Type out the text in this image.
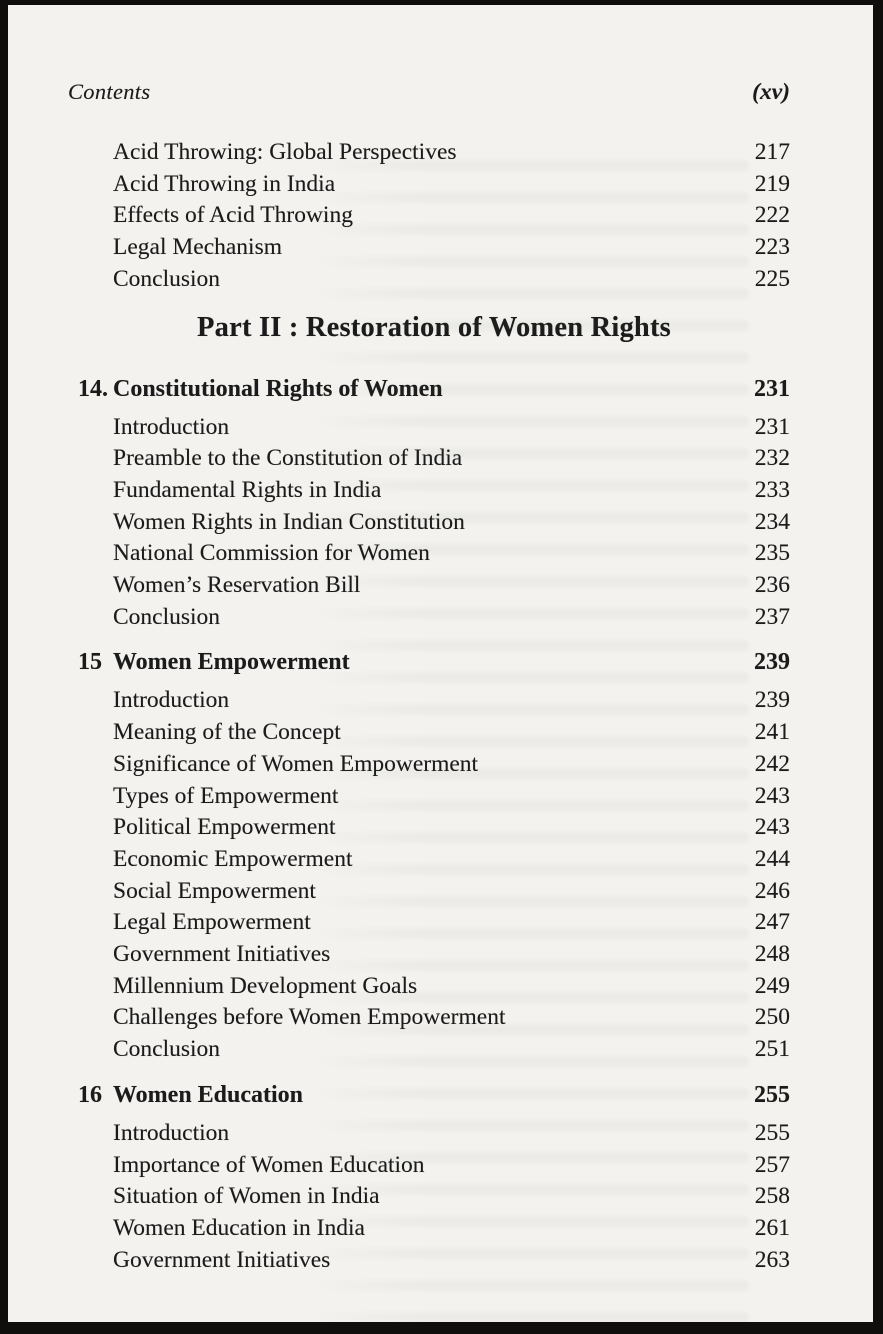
Contents	(xv)
Acid Throwing: Global Perspectives	217
Acid Throwing in India	219
Effects of Acid Throwing	222
Legal Mechanism	223
Conclusion	225
Part II : Restoration of Women Rights
14. Constitutional Rights of Women	231
Introduction	231
Preamble to the Constitution of India	232
Fundamental Rights in India	233
Women Rights in Indian Constitution	234
National Commission for Women	235
Women’s Reservation Bill	236
Conclusion	237
15 Women Empowerment	239
Introduction	239
Meaning of the Concept	241
Significance of Women Empowerment	242
Types of Empowerment	243
Political Empowerment	243
Economic Empowerment	244
Social Empowerment	246
Legal Empowerment	247
Government Initiatives	248
Millennium Development Goals	249
Challenges before Women Empowerment	250
Conclusion	251
16 Women Education	255
Introduction	255
Importance of Women Education	257
Situation of Women in India	258
Women Education in India	261
Government Initiatives	263
